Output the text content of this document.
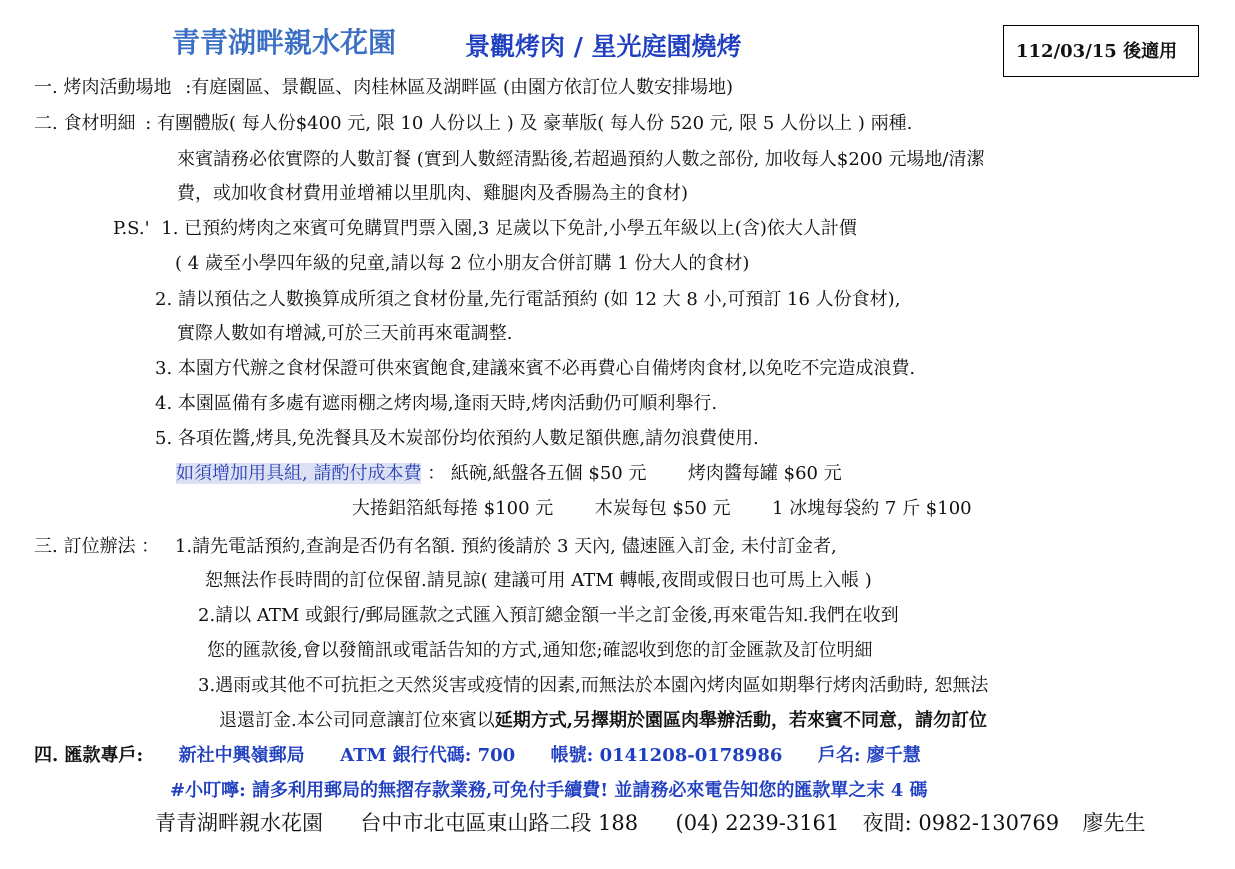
青青湖畔親水花園	景觀烤肉 / 星光庭園燒烤	112/03/15 後適用
一. 烤肉活動場地 :有庭園區、景觀區、肉桂林區及湖畔區 (由園方依訂位人數安排場地)
二. 食材明細 : 有團體版( 每人份$400 元, 限 10 人份以上 ) 及 豪華版( 每人份 520 元, 限 5 人份以上 ) 兩種.
來賓請務必依實際的人數訂餐 (實到人數經清點後,若超過預約人數之部份, 加收每人$200 元場地/清潔
費，或加收食材費用並增補以里肌肉、雞腿肉及香腸為主的食材)
P.S.' 1. 已預約烤肉之來賓可免購買門票入園,3 足歲以下免計,小學五年級以上(含)依大人計價
( 4 歲至小學四年級的兒童,請以每 2 位小朋友合併訂購 1 份大人的食材)
2. 請以預估之人數換算成所須之食材份量,先行電話預約 (如 12 大 8 小,可預訂 16 人份食材),
實際人數如有增減,可於三天前再來電調整.
3. 本園方代辦之食材保證可供來賓飽食,建議來賓不必再費心自備烤肉食材,以免吃不完造成浪費.
4. 本園區備有多處有遮雨棚之烤肉場,逢雨天時,烤肉活動仍可順利舉行.
5. 各項佐醬,烤具,免洗餐具及木炭部份均依預約人數足額供應,請勿浪費使用.
如須增加用具組, 請酌付成本費 ： 紙碗,紙盤各五個 $50 元 烤肉醬每罐 $60 元
大捲鋁箔紙每捲 $100 元 木炭每包 $50 元 1 冰塊每袋約 7 斤 $100
三. 訂位辦法 ： 1.請先電話預約,查詢是否仍有名額. 預約後請於 3 天內, 儘速匯入訂金, 未付訂金者,
恕無法作長時間的訂位保留.請見諒( 建議可用 ATM 轉帳,夜間或假日也可馬上入帳 )
2.請以 ATM 或銀行/郵局匯款之式匯入預訂總金額一半之訂金後,再來電告知.我們在收到
您的匯款後,會以發簡訊或電話告知的方式,通知您;確認收到您的訂金匯款及訂位明細
3.遇雨或其他不可抗拒之天然災害或疫情的因素,而無法於本園內烤肉區如期舉行烤肉活動時, 恕無法
退還訂金.本公司同意讓訂位來賓以延期方式,另擇期於園區肉舉辦活動，若來賓不同意，請勿訂位
四. 匯款專戶: 新社中興嶺郵局 ATM 銀行代碼: 700 帳號: 0141208-0178986 戶名: 廖千慧
#小叮嚀: 請多利用郵局的無摺存款業務,可免付手續費! 並請務必來電告知您的匯款單之末 4 碼
青青湖畔親水花園 台中市北屯區東山路二段 188 (04) 2239-3161 夜間: 0982-130769 廖先生
